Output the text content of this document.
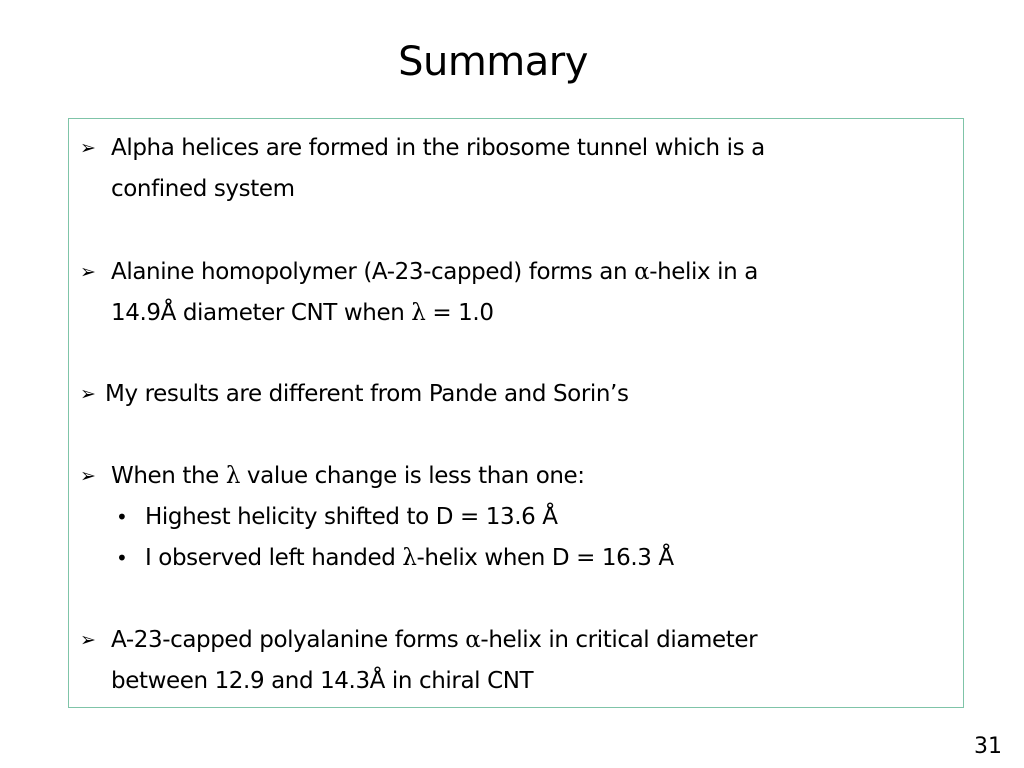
Summary
➢ Alpha helices are formed in the ribosome tunnel which is a
confined system
➢ Alanine homopolymer (A-23-capped) forms an α-helix in a
14.9Å diameter CNT when λ = 1.0
➢ My results are different from Pande and Sorin’s
➢ When the λ value change is less than one:
• Highest helicity shifted to D = 13.6 Å
• I observed left handed λ-helix when D = 16.3 Å
➢ A-23-capped polyalanine forms α-helix in critical diameter
between 12.9 and 14.3Å in chiral CNT
31
